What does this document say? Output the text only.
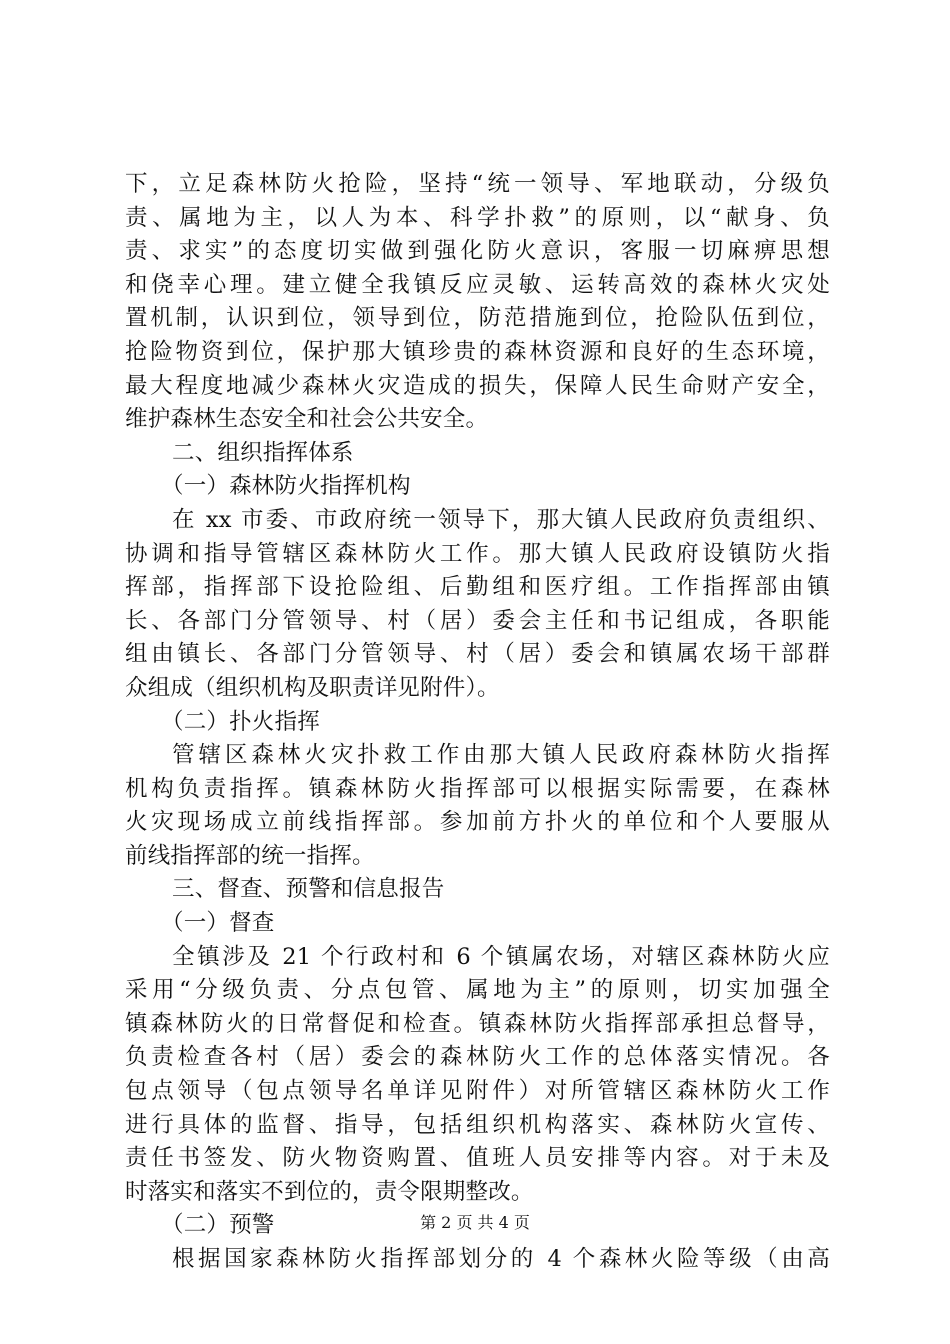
下，立足森林防火抢险，坚持“统一领导、军地联动，分级负
责、属地为主，以人为本、科学扑救”的原则，以“献身、负
责、求实”的态度切实做到强化防火意识，客服一切麻痹思想
和侥幸心理。建立健全我镇反应灵敏、运转高效的森林火灾处
置机制，认识到位，领导到位，防范措施到位，抢险队伍到位，
抢险物资到位，保护那大镇珍贵的森林资源和良好的生态环境，
最大程度地减少森林火灾造成的损失，保障人民生命财产安全，
维护森林生态安全和社会公共安全。
二、组织指挥体系
（一）森林防火指挥机构
在 xx 市委、市政府统一领导下，那大镇人民政府负责组织、
协调和指导管辖区森林防火工作。那大镇人民政府设镇防火指
挥部，指挥部下设抢险组、后勤组和医疗组。工作指挥部由镇
长、各部门分管领导、村（居）委会主任和书记组成，各职能
组由镇长、各部门分管领导、村（居）委会和镇属农场干部群
众组成（组织机构及职责详见附件）。
（二）扑火指挥
管辖区森林火灾扑救工作由那大镇人民政府森林防火指挥
机构负责指挥。镇森林防火指挥部可以根据实际需要，在森林
火灾现场成立前线指挥部。参加前方扑火的单位和个人要服从
前线指挥部的统一指挥。
三、督查、预警和信息报告
（一）督查
全镇涉及 21 个行政村和 6 个镇属农场，对辖区森林防火应
采用“分级负责、分点包管、属地为主”的原则，切实加强全
镇森林防火的日常督促和检查。镇森林防火指挥部承担总督导，
负责检查各村（居）委会的森林防火工作的总体落实情况。各
包点领导（包点领导名单详见附件）对所管辖区森林防火工作
进行具体的监督、指导，包括组织机构落实、森林防火宣传、
责任书签发、防火物资购置、值班人员安排等内容。对于未及
时落实和落实不到位的，责令限期整改。
（二）预警
根据国家森林防火指挥部划分的 4 个森林火险等级（由高
第 2 页 共 4 页
